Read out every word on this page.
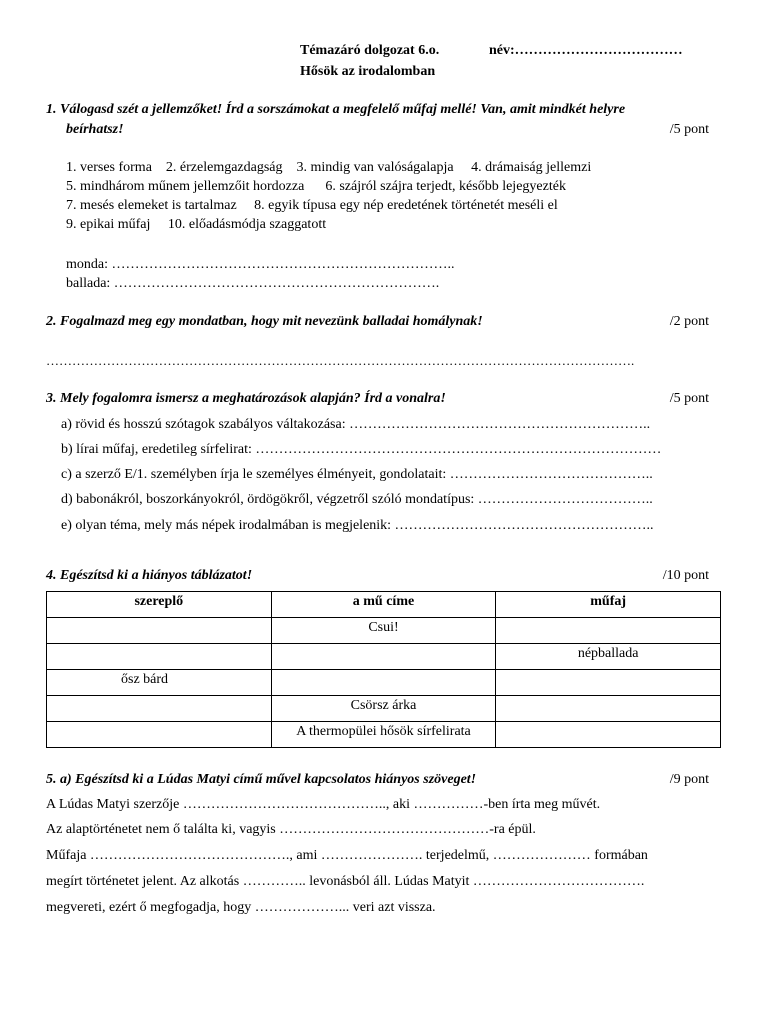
Témazáró dolgozat 6.o.	név:………………………………
Hősök az irodalomban
1. Válogasd szét a jellemzőket! Írd a sorszámokat a megfelelő műfaj mellé! Van, amit mindkét helyre
beírhatsz!	/5 pont
1. verses forma    2. érzelemgazdagság    3. mindig van valóságalapja     4. drámaiság jellemzi
5. mindhárom műnem jellemzőit hordozza      6. szájról szájra terjedt, később lejegyezték
7. mesés elemeket is tartalmaz     8. egyik típusa egy nép eredetének történetét meséli el
9. epikai műfaj     10. előadásmódja szaggatott
monda: ………………………………………………………………..
ballada: …………………………………………………………….
2. Fogalmazd meg egy mondatban, hogy mit nevezünk balladai homálynak!	/2 pont
……………………………………………………………………………………………………………………….
3. Mely fogalomra ismersz a meghatározások alapján? Írd a vonalra!	/5 pont
a) rövid és hosszú szótagok szabályos váltakozása: ………………………………………………………..
b) lírai műfaj, eredetileg sírfelirat: ……………………………………………………………………………
c) a szerző E/1. személyben írja le személyes élményeit, gondolatait: ……………………………………..
d) babonákról, boszorkányokról, ördögökről, végzetről szóló mondatípus: ………………………………..
e) olyan téma, mely más népek irodalmában is megjelenik: ………………………………………………..
4. Egészítsd ki a hiányos táblázatot!	/10 pont
szereplő	a mű címe	műfaj
	Csui!	
		népballada
ősz bárd		
	Csörsz árka	
	A thermopülei hősök sírfelirata	
5. a) Egészítsd ki a Lúdas Matyi című művel kapcsolatos hiányos szöveget!	/9 pont
A Lúdas Matyi szerzője …………………………………….., aki ……………-ben írta meg művét.
Az alaptörténetet nem ő találta ki, vagyis ………………………………………-ra épül.
Műfaja ……………………………………., ami …………………. terjedelmű, ………………… formában
megírt történetet jelent. Az alkotás ………….. levonásból áll. Lúdas Matyit ……………………………….
megvereti, ezért ő megfogadja, hogy ………………... veri azt vissza.
